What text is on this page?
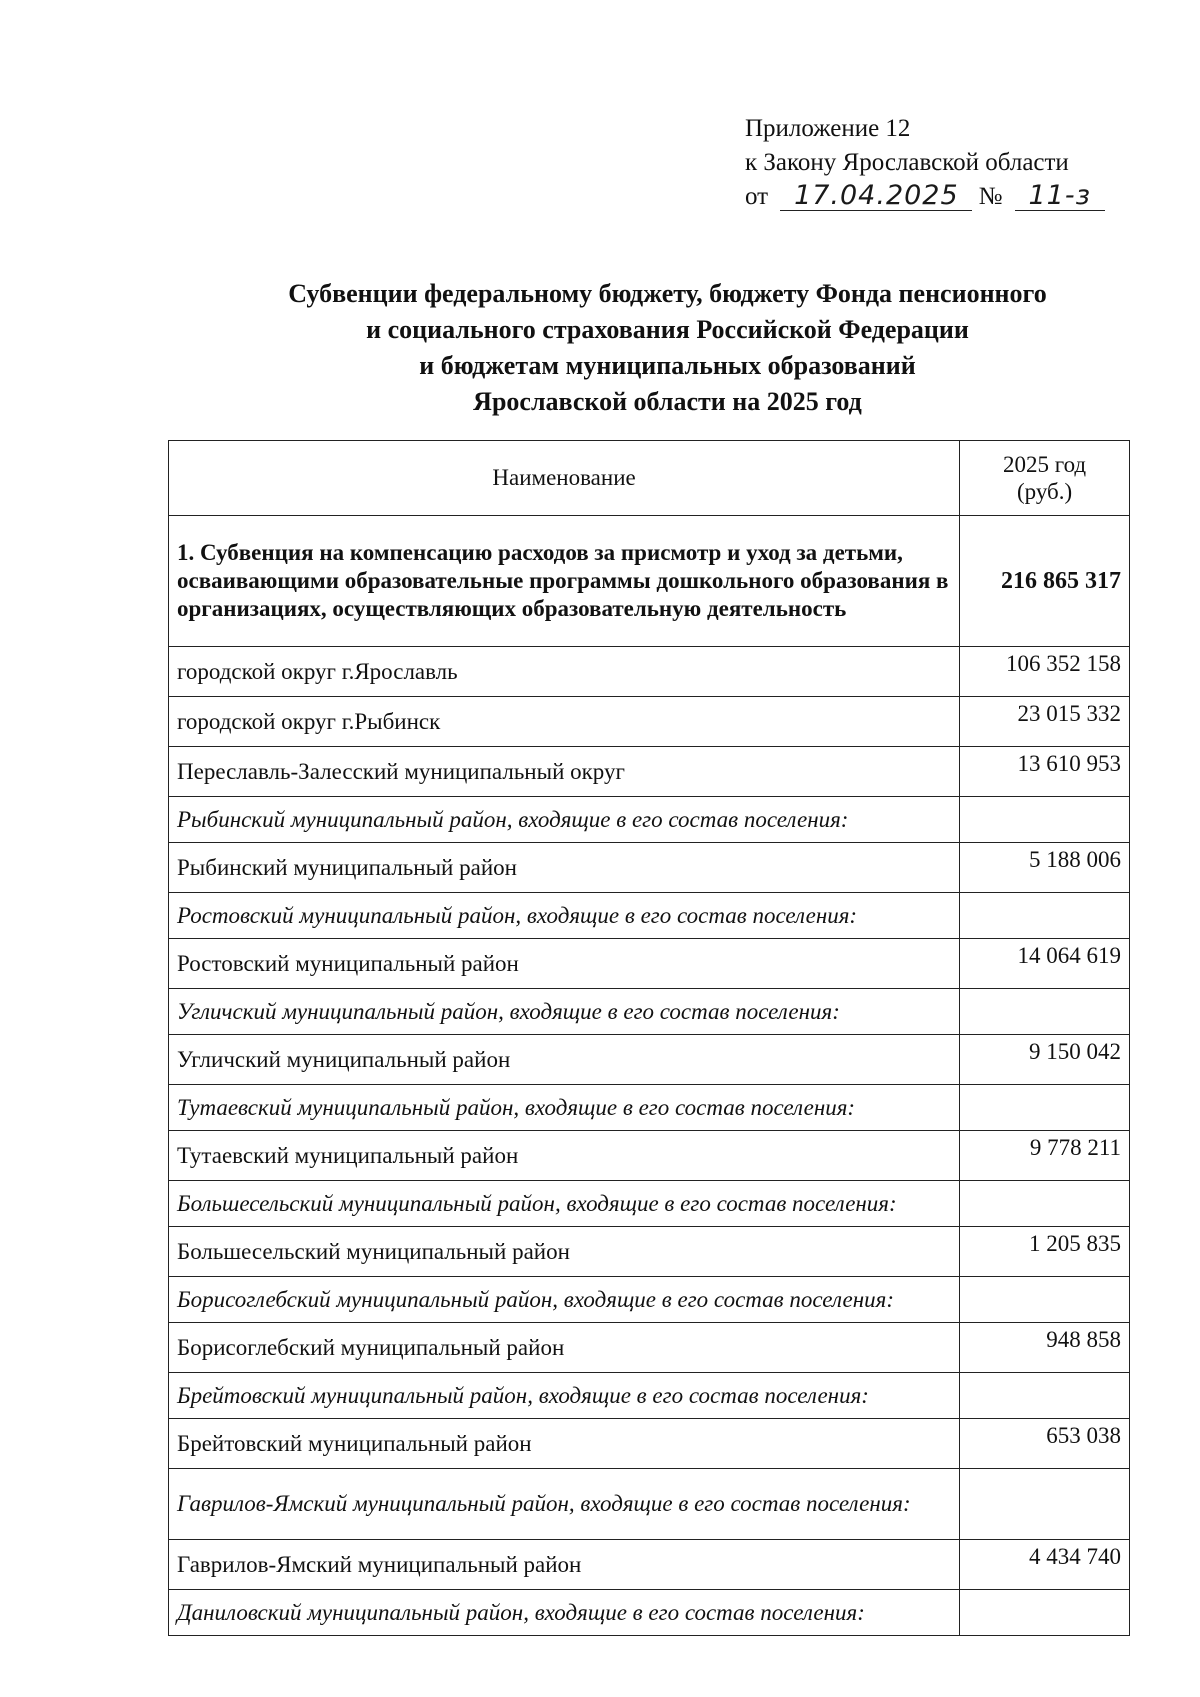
Приложение 12
к Закону Ярославской области
от 17.04.2025 № 11-з
Субвенции федеральному бюджету, бюджету Фонда пенсионного
и социального страхования Российской Федерации
и бюджетам муниципальных образований
Ярославской области на 2025 год
Наименование	2025 год
(руб.)

1. Субвенция на компенсацию расходов за присмотр и уход за детьми, осваивающими образовательные программы дошкольного образования в организациях, осуществляющих образовательную деятельность	216 865 317
городской округ г.Ярославль	106 352 158
городской округ г.Рыбинск	23 015 332
Переславль-Залесский муниципальный округ	13 610 953
Рыбинский муниципальный район, входящие в его состав поселения:	
Рыбинский муниципальный район	5 188 006
Ростовский муниципальный район, входящие в его состав поселения:	
Ростовский муниципальный район	14 064 619
Угличский муниципальный район, входящие в его состав поселения:	
Угличский муниципальный район	9 150 042
Тутаевский муниципальный район, входящие в его состав поселения:	
Тутаевский муниципальный район	9 778 211
Большесельский муниципальный район, входящие в его состав поселения:	
Большесельский муниципальный район	1 205 835
Борисоглебский муниципальный район, входящие в его состав поселения:	
Борисоглебский муниципальный район	948 858
Брейтовский муниципальный район, входящие в его состав поселения:	
Брейтовский муниципальный район	653 038
Гаврилов-Ямский муниципальный район, входящие в его состав поселения:	
Гаврилов-Ямский муниципальный район	4 434 740
Даниловский муниципальный район, входящие в его состав поселения:	
